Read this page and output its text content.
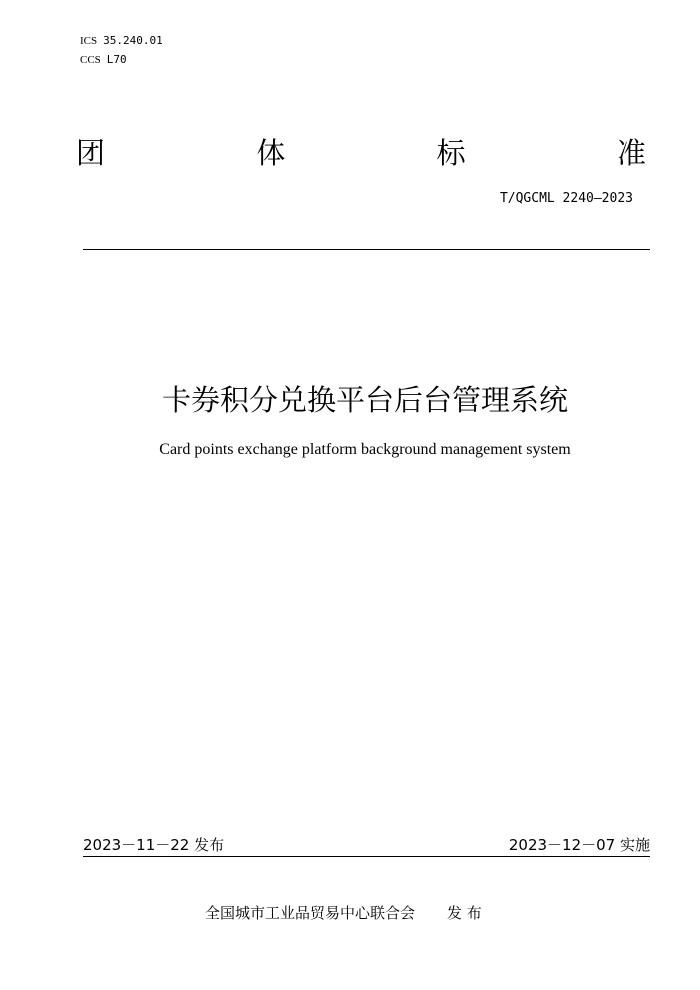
ICS 35.240.01
CCS L70
团	体	标	准
T/QGCML 2240—2023
卡券积分兑换平台后台管理系统
Card points exchange platform background management system
2023－11－22 发布	2023－12－07 实施
全国城市工业品贸易中心联合会 发 布
